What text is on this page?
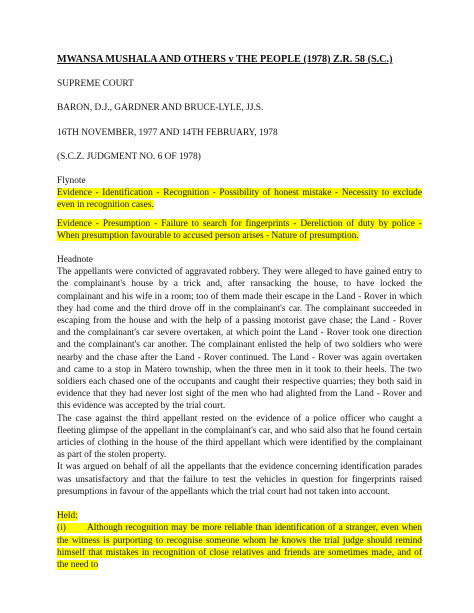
MWANSA MUSHALA AND OTHERS v THE PEOPLE (1978) Z.R. 58 (S.C.)

SUPREME COURT

BARON, D.J., GARDNER AND BRUCE-LYLE, JJ.S.

16TH NOVEMBER, 1977 AND 14TH FEBRUARY, 1978

(S.C.Z. JUDGMENT NO. 6 OF 1978)

Flynote

Evidence - Identification - Recognition - Possibility of honest mistake - Necessity to exclude even in recognition cases.

Evidence - Presumption - Failure to search for fingerprints - Dereliction of duty by police - When presumption favourable to accused person arises - Nature of presumption.

Headnote

The appellants were convicted of aggravated robbery. They were alleged to have gained entry to the complainant's house by a trick and, after ransacking the house, to have locked the complainant and his wife in a room; too of them made their escape in the Land - Rover in which they had come and the third drove off in the complainant's car. The complainant succeeded in escaping from the house and with the help of a passing motorist gave chase; the Land - Rover and the complainant's car severe overtaken, at which point the Land - Rover took one direction and the complainant's car another. The complainant enlisted the help of two soldiers who were nearby and the chase after the Land - Rover continued. The Land - Rover was again overtaken and came to a stop in Matero township, when the three men in it took to their heels. The two soldiers each chased one of the occupants and caught their respective quarries; they both said in evidence that they had never lost sight of the men who had alighted from the Land - Rover and this evidence was accepted by the trial court.

The case against the third appellant rested on the evidence of a police officer who caught a fleeting glimpse of the appellant in the complainant's car, and who said also that he found certain articles of clothing in the house of the third appellant which were identified by the complainant as part of the stolen property.

It was argued on behalf of all the appellants that the evidence concerning identification parades was unsatisfactory and that the failure to test the vehicles in question for fingerprints raised presumptions in favour of the appellants which the trial court had not taken into account.

Held:

(i) Although recognition may be more reliable than identification of a stranger, even when the witness is purporting to recognise someone whom he knows the trial judge should remind himself that mistakes in recognition of close relatives and friends are sometimes made, and of the need to
